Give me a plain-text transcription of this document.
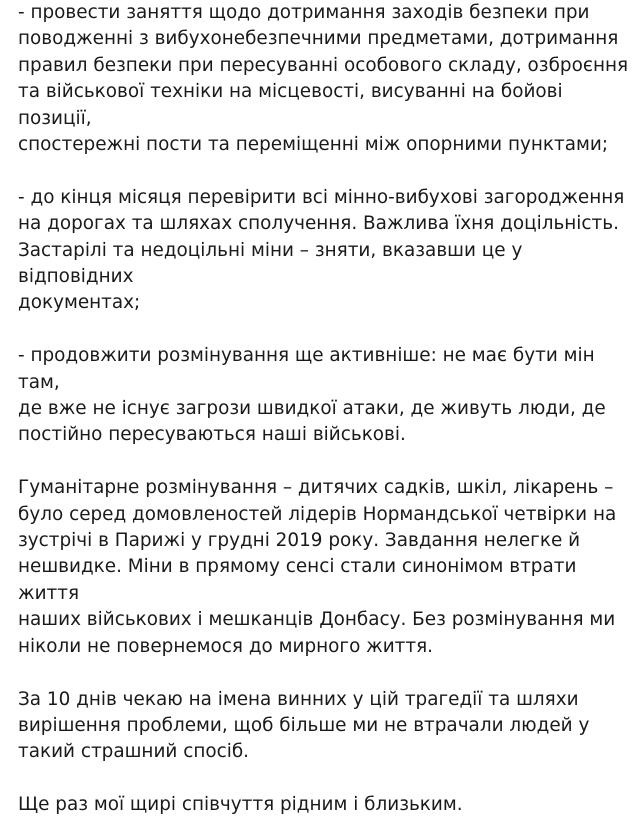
- провести заняття щодо дотримання заходів безпеки при
поводженні з вибухонебезпечними предметами, дотримання
правил безпеки при пересуванні особового складу, озброєння
та військової техніки на місцевості, висуванні на бойові позиції,
спостережні пости та переміщенні між опорними пунктами;

- до кінця місяця перевірити всі мінно-вибухові загородження
на дорогах та шляхах сполучення. Важлива їхня доцільність.
Застарілі та недоцільні міни – зняти, вказавши це у відповідних
документах;

- продовжити розмінування ще активніше: не має бути мін там,
де вже не існує загрози швидкої атаки, де живуть люди, де
постійно пересуваються наші військові.

Гуманітарне розмінування – дитячих садків, шкіл, лікарень –
було серед домовленостей лідерів Нормандської четвірки на
зустрічі в Парижі у грудні 2019 року. Завдання нелегке й
нешвидке. Міни в прямому сенсі стали синонімом втрати життя
наших військових і мешканців Донбасу. Без розмінування ми
ніколи не повернемося до мирного життя.

За 10 днів чекаю на імена винних у цій трагедії та шляхи
вирішення проблеми, щоб більше ми не втрачали людей у
такий страшний спосіб.

Ще раз мої щирі співчуття рідним і близьким.
